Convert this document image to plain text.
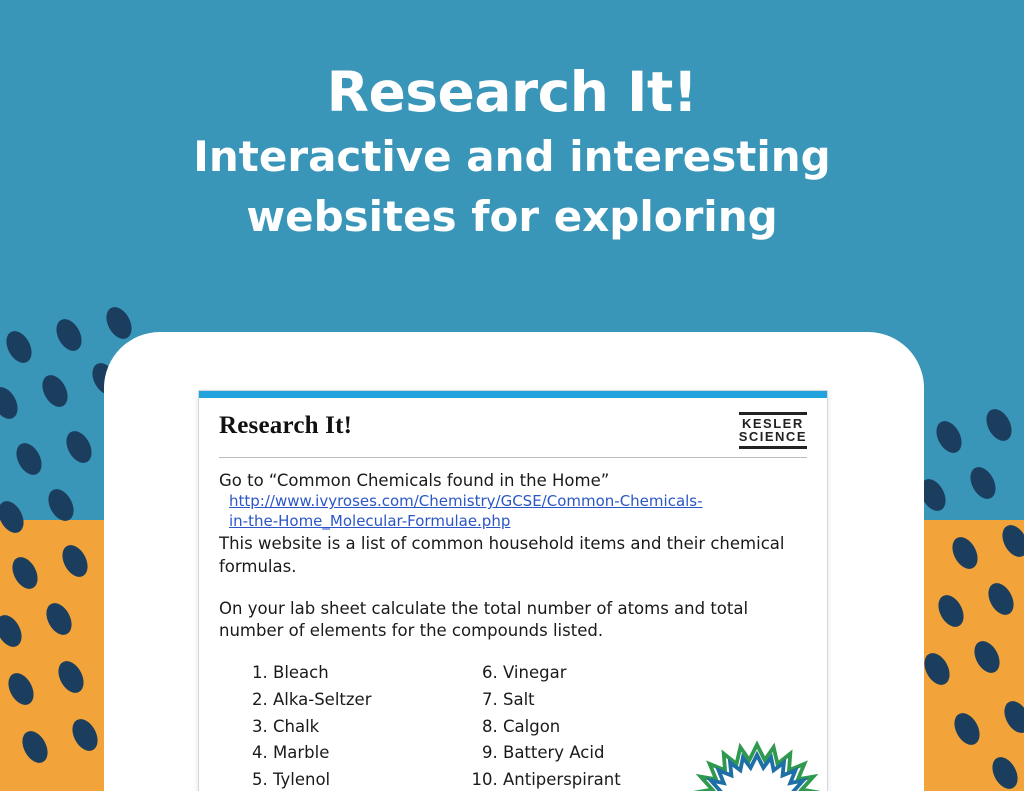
Research It!

Interactive and interesting

websites for exploring

Research It!	KESLER
SCIENCE
Go to “Common Chemicals found in the Home”
http://www.ivyroses.com/Chemistry/GCSE/Common-Chemicals-
in-the-Home_Molecular-Formulae.php
This website is a list of common household items and their chemical formulas.
On your lab sheet calculate the total number of atoms and total number of elements for the compounds listed.
1. Bleach
2. Alka-Seltzer
3. Chalk
4. Marble
5. Tylenol
6. Vinegar
7. Salt
8. Calgon
9. Battery Acid
10. Antiperspirant
